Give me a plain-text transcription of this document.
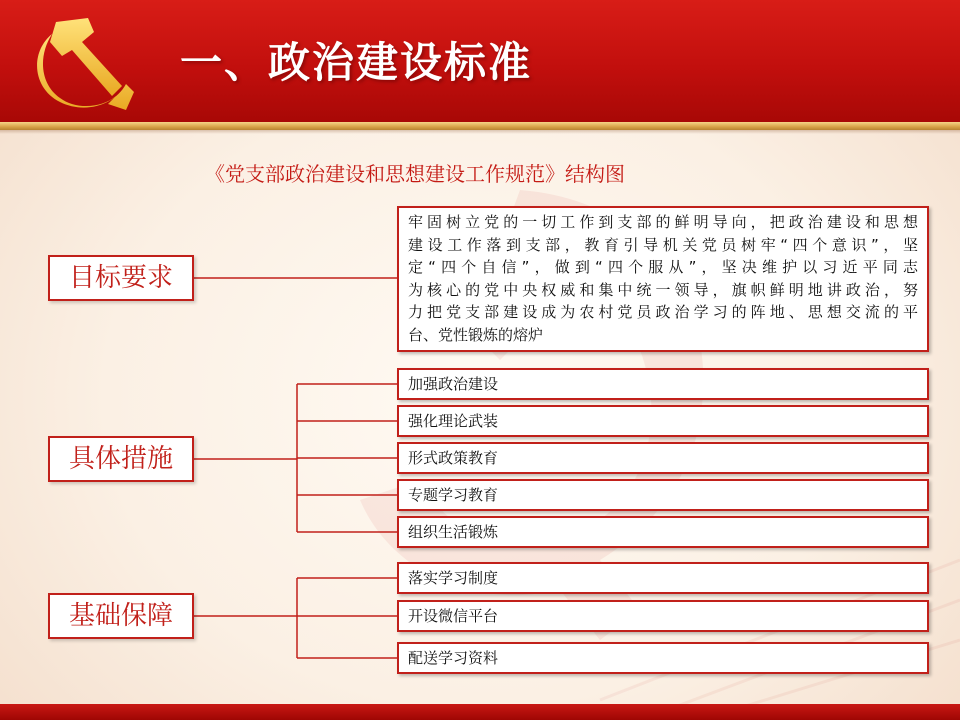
一、政治建设标准
《党支部政治建设和思想建设工作规范》结构图
目标要求
牢固树立党的一切工作到支部的鲜明导向，把政治建设和思想
建设工作落到支部，教育引导机关党员树牢“四个意识”，坚
定“四个自信”，做到“四个服从”，坚决维护以习近平同志
为核心的党中央权威和集中统一领导，旗帜鲜明地讲政治，努
力把党支部建设成为农村党员政治学习的阵地、思想交流的平
台、党性锻炼的熔炉
具体措施
加强政治建设
强化理论武装
形式政策教育
专题学习教育
组织生活锻炼
基础保障
落实学习制度
开设微信平台
配送学习资料
